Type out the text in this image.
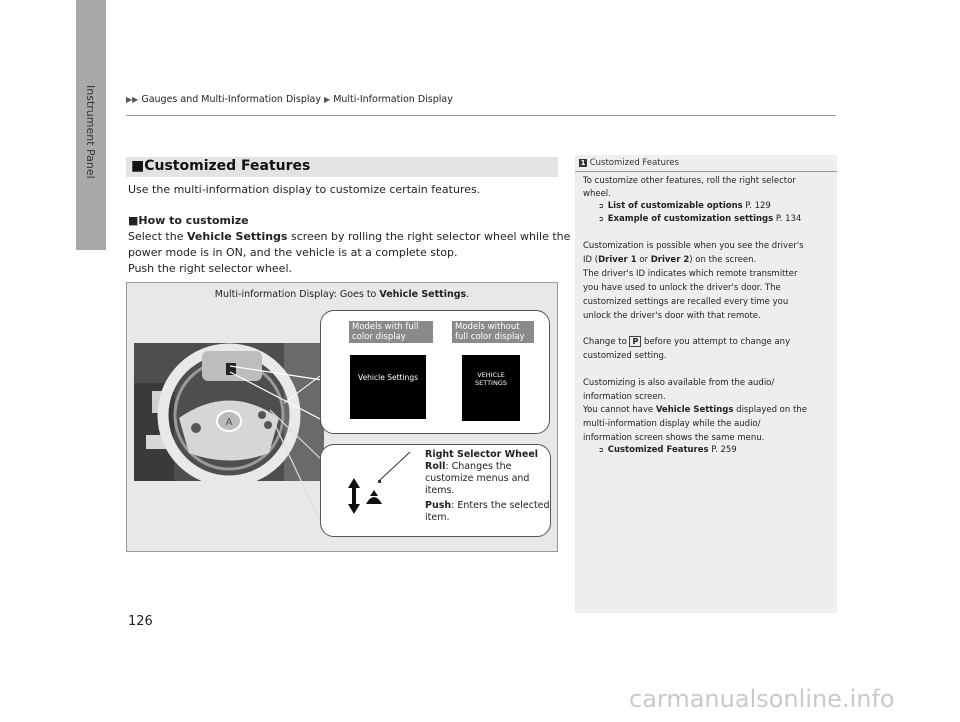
Instrument Panel	▶▶ Gauges and Multi-Information Display ▶ Multi-Information Display
■Customized Features
Use the multi-information display to customize certain features.
■How to customize
Select the Vehicle Settings screen by rolling the right selector wheel while the
power mode is in ON, and the vehicle is at a complete stop.
Push the right selector wheel.
Multi-information Display: Goes to Vehicle Settings.
A
Models with full
color display
Models without
full color display
Vehicle Settings	VEHICLE
SETTINGS
Right Selector Wheel
Roll: Changes the
customize menus and
items.
Push: Enters the selected
item.
1 Customized Features
To customize other features, roll the right selector
wheel.
➲ List of customizable options P. 129
➲ Example of customization settings P. 134
Customization is possible when you see the driver's
ID (Driver 1 or Driver 2) on the screen.
The driver's ID indicates which remote transmitter
you have used to unlock the driver's door. The
customized settings are recalled every time you
unlock the driver's door with that remote.
Change to P before you attempt to change any
customized setting.
Customizing is also available from the audio/
information screen.
You cannot have Vehicle Settings displayed on the
multi-information display while the audio/
information screen shows the same menu.
➲ Customized Features P. 259
126
carmanualsonline.info
